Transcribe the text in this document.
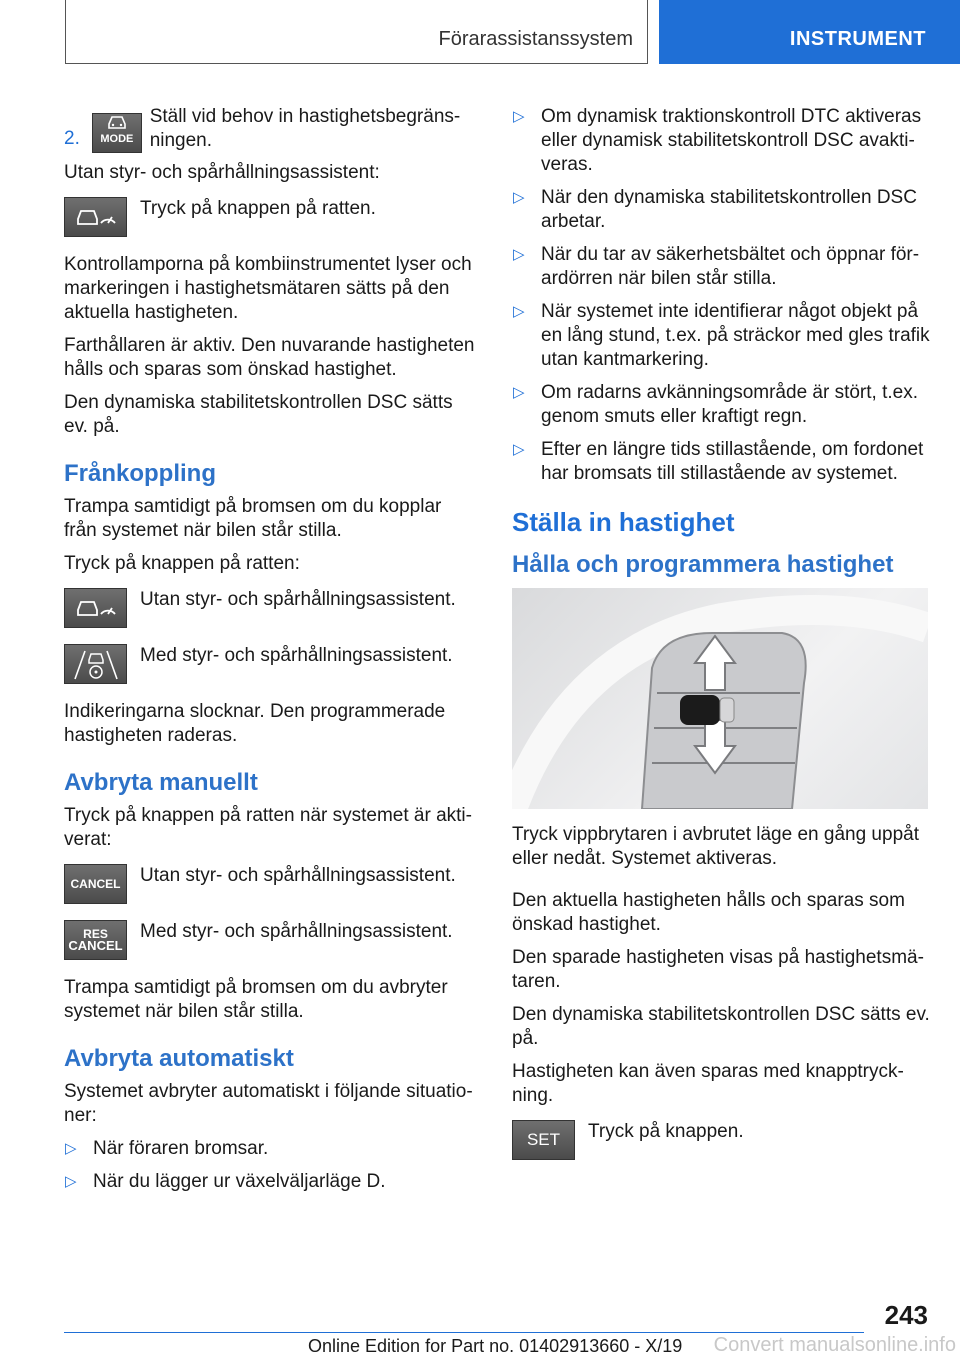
Förarassistanssystem	INSTRUMENT
2.	MODE
Ställ vid behov in hastighetsbegräns-ningen.

Utan styr- och spårhållningsassistent:

Tryck på knappen på ratten.

Kontrollamporna på kombiinstrumentet lyser och markeringen i hastighetsmätaren sätts på den aktuella hastigheten.

Farthållaren är aktiv. Den nuvarande hastigheten hålls och sparas som önskad hastighet.

Den dynamiska stabilitetskontrollen DSC sätts ev. på.

Frånkoppling

Trampa samtidigt på bromsen om du kopplar från systemet när bilen står stilla.

Tryck på knappen på ratten:

Utan styr- och spårhållningsassistent.
Med styr- och spårhållningsassistent.

Indikeringarna slocknar. Den programmerade hastigheten raderas.

Avbryta manuellt

Tryck på knappen på ratten när systemet är akti-verat:

CANCEL	Utan styr- och spårhållningsassistent.
RES
CANCEL
Med styr- och spårhållningsassistent.

Trampa samtidigt på bromsen om du avbryter systemet när bilen står stilla.

Avbryta automatiskt

Systemet avbryter automatiskt i följande situatio-ner:

▷ När föraren bromsar.
▷ När du lägger ur växelväljarläge D.
▷ Om dynamisk traktionskontroll DTC aktiveras eller dynamisk stabilitetskontroll DSC avakti-veras.
▷ När den dynamiska stabilitetskontrollen DSC arbetar.
▷ När du tar av säkerhetsbältet och öppnar för-ardörren när bilen står stilla.
▷ När systemet inte identifierar något objekt på en lång stund, t.ex. på sträckor med gles trafik utan kantmarkering.
▷ Om radarns avkänningsområde är stört, t.ex. genom smuts eller kraftigt regn.
▷ Efter en längre tids stillastående, om fordonet har bromsats till stillastående av systemet.
Ställa in hastighet
Hålla och programmera hastighet

Tryck vippbrytaren i avbrutet läge en gång uppåt eller nedåt. Systemet aktiveras.

Den aktuella hastigheten hålls och sparas som önskad hastighet.

Den sparade hastigheten visas på hastighetsmä-taren.

Den dynamiska stabilitetskontrollen DSC sätts ev. på.

Hastigheten kan även sparas med knapptryck-ning.

SET	Tryck på knappen.
243
Online Edition for Part no. 01402913660 - X/19 Convert manualsonline.info
